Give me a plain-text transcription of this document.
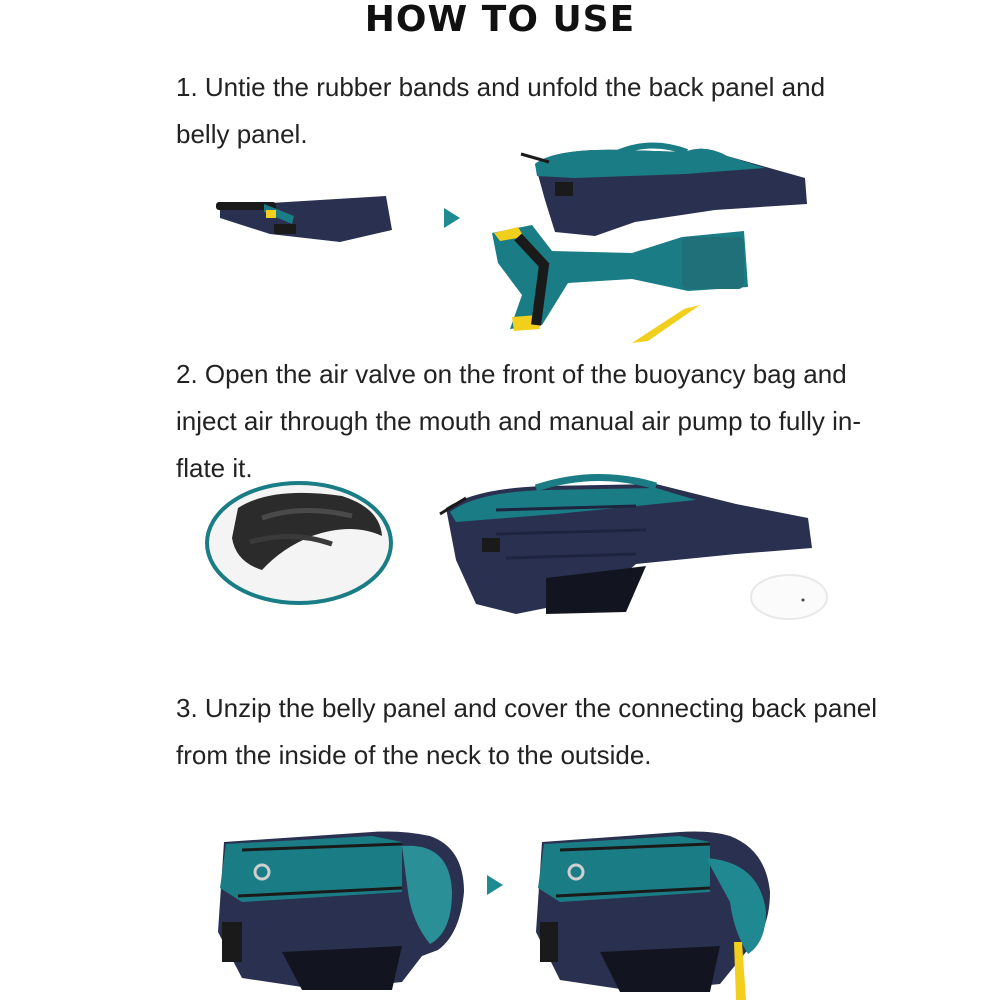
HOW TO USE
1. Untie the rubber bands and unfold the back panel and
belly panel.
2. Open the air valve on the front of the buoyancy bag and
inject air through the mouth and manual air pump to fully in-
flate it.
3. Unzip the belly panel and cover the connecting back panel
from the inside of the neck to the outside.
